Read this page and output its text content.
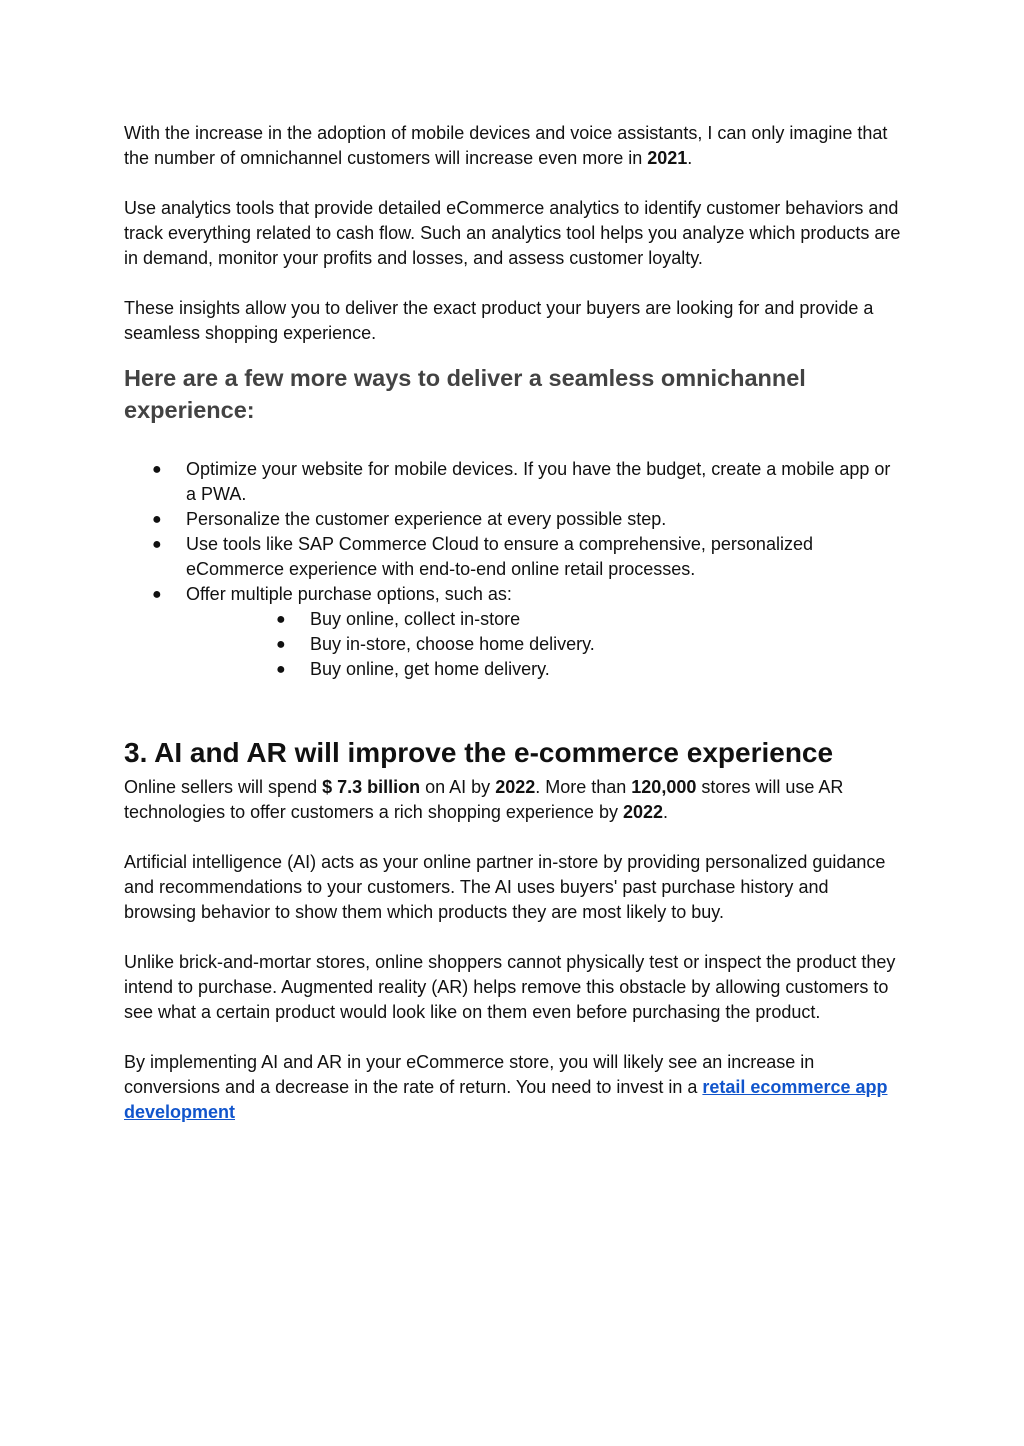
With the increase in the adoption of mobile devices and voice assistants, I can only imagine that the number of omnichannel customers will increase even more in 2021.

Use analytics tools that provide detailed eCommerce analytics to identify customer behaviors and track everything related to cash flow. Such an analytics tool helps you analyze which products are in demand, monitor your profits and losses, and assess customer loyalty.

These insights allow you to deliver the exact product your buyers are looking for and provide a seamless shopping experience.

Here are a few more ways to deliver a seamless omnichannel experience:
● Optimize your website for mobile devices. If you have the budget, create a mobile app or a PWA.
● Personalize the customer experience at every possible step.
● Use tools like SAP Commerce Cloud to ensure a comprehensive, personalized eCommerce experience with end-to-end online retail processes.
● Offer multiple purchase options, such as:
● Buy online, collect in-store
● Buy in-store, choose home delivery.
● Buy online, get home delivery.
3. AI and AR will improve the e-commerce experience

Online sellers will spend $ 7.3 billion on AI by 2022. More than 120,000 stores will use AR technologies to offer customers a rich shopping experience by 2022.

Artificial intelligence (AI) acts as your online partner in-store by providing personalized guidance and recommendations to your customers. The AI uses buyers' past purchase history and browsing behavior to show them which products they are most likely to buy.

Unlike brick-and-mortar stores, online shoppers cannot physically test or inspect the product they intend to purchase. Augmented reality (AR) helps remove this obstacle by allowing customers to see what a certain product would look like on them even before purchasing the product.

By implementing AI and AR in your eCommerce store, you will likely see an increase in conversions and a decrease in the rate of return. You need to invest in a retail ecommerce app development
